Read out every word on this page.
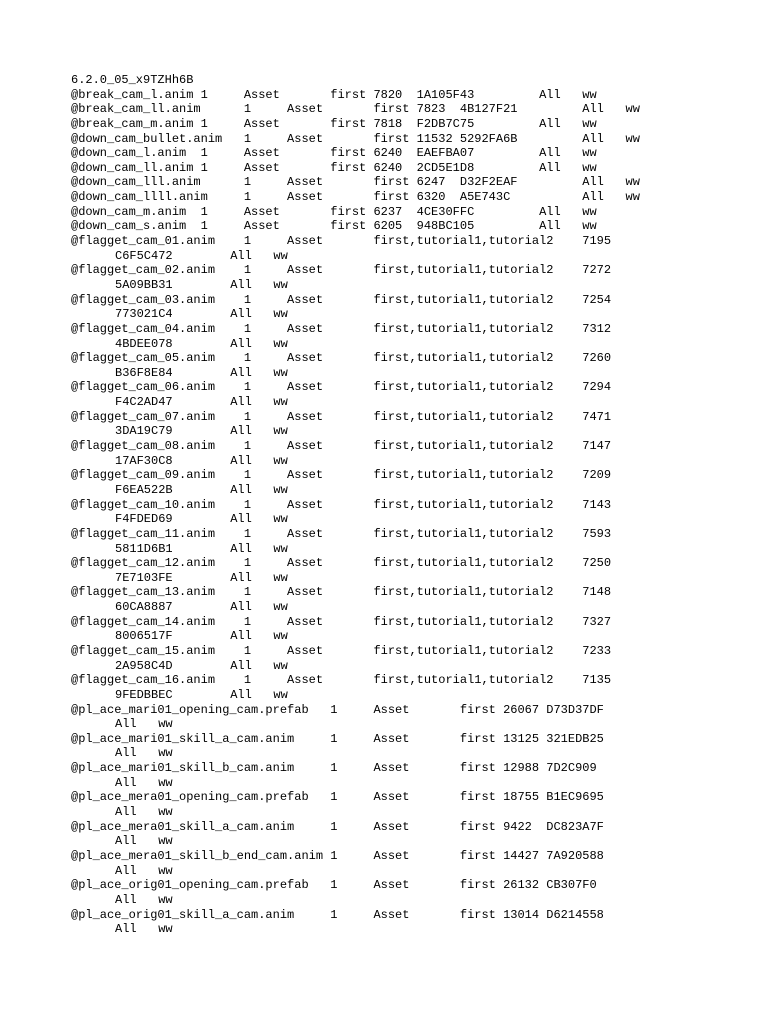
6.2.0_05_x9TZHh6B
@break_cam_l.anim 1     Asset       first 7820  1A105F43         All   ww
@break_cam_ll.anim      1     Asset       first 7823  4B127F21         All   ww
@break_cam_m.anim 1     Asset       first 7818  F2DB7C75         All   ww
@down_cam_bullet.anim   1     Asset       first 11532 5292FA6B         All   ww
@down_cam_l.anim  1     Asset       first 6240  EAEFBA07         All   ww
@down_cam_ll.anim 1     Asset       first 6240  2CD5E1D8         All   ww
@down_cam_lll.anim      1     Asset       first 6247  D32F2EAF         All   ww
@down_cam_llll.anim     1     Asset       first 6320  A5E743C          All   ww
@down_cam_m.anim  1     Asset       first 6237  4CE30FFC         All   ww
@down_cam_s.anim  1     Asset       first 6205  948BC105         All   ww
@flagget_cam_01.anim    1     Asset       first,tutorial1,tutorial2    7195
C6F5C472        All   ww
@flagget_cam_02.anim    1     Asset       first,tutorial1,tutorial2    7272
5A09BB31        All   ww
@flagget_cam_03.anim    1     Asset       first,tutorial1,tutorial2    7254
773021C4        All   ww
@flagget_cam_04.anim    1     Asset       first,tutorial1,tutorial2    7312
4BDEE078        All   ww
@flagget_cam_05.anim    1     Asset       first,tutorial1,tutorial2    7260
B36F8E84        All   ww
@flagget_cam_06.anim    1     Asset       first,tutorial1,tutorial2    7294
F4C2AD47        All   ww
@flagget_cam_07.anim    1     Asset       first,tutorial1,tutorial2    7471
3DA19C79        All   ww
@flagget_cam_08.anim    1     Asset       first,tutorial1,tutorial2    7147
17AF30C8        All   ww
@flagget_cam_09.anim    1     Asset       first,tutorial1,tutorial2    7209
F6EA522B        All   ww
@flagget_cam_10.anim    1     Asset       first,tutorial1,tutorial2    7143
F4FDED69        All   ww
@flagget_cam_11.anim    1     Asset       first,tutorial1,tutorial2    7593
5811D6B1        All   ww
@flagget_cam_12.anim    1     Asset       first,tutorial1,tutorial2    7250
7E7103FE        All   ww
@flagget_cam_13.anim    1     Asset       first,tutorial1,tutorial2    7148
60CA8887        All   ww
@flagget_cam_14.anim    1     Asset       first,tutorial1,tutorial2    7327
8006517F        All   ww
@flagget_cam_15.anim    1     Asset       first,tutorial1,tutorial2    7233
2A958C4D        All   ww
@flagget_cam_16.anim    1     Asset       first,tutorial1,tutorial2    7135
9FEDBBEC        All   ww
@pl_ace_mari01_opening_cam.prefab   1     Asset       first 26067 D73D37DF
All   ww
@pl_ace_mari01_skill_a_cam.anim     1     Asset       first 13125 321EDB25
All   ww
@pl_ace_mari01_skill_b_cam.anim     1     Asset       first 12988 7D2C909
All   ww
@pl_ace_mera01_opening_cam.prefab   1     Asset       first 18755 B1EC9695
All   ww
@pl_ace_mera01_skill_a_cam.anim     1     Asset       first 9422  DC823A7F
All   ww
@pl_ace_mera01_skill_b_end_cam.anim 1     Asset       first 14427 7A920588
All   ww
@pl_ace_orig01_opening_cam.prefab   1     Asset       first 26132 CB307F0
All   ww
@pl_ace_orig01_skill_a_cam.anim     1     Asset       first 13014 D6214558
All   ww
